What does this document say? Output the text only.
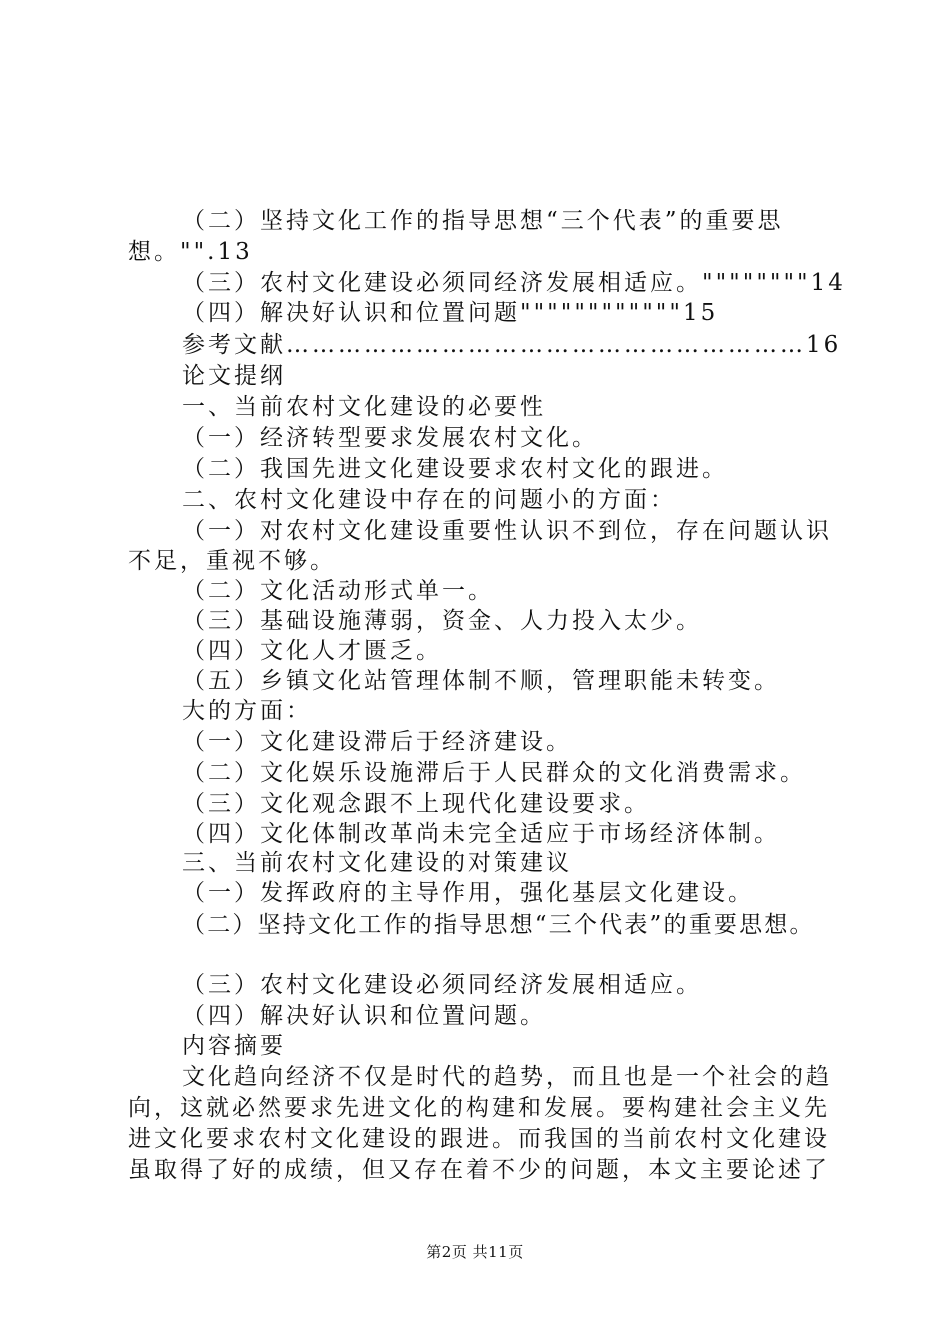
（二）坚持文化工作的指导思想“三个代表”的重要思
想。"".13
（三）农村文化建设必须同经济发展相适应。""""""""14
（四）解决好认识和位置问题""""""""""""15
参考文献……………………………………………………16
论文提纲
一、当前农村文化建设的必要性
（一）经济转型要求发展农村文化。
（二）我国先进文化建设要求农村文化的跟进。
二、农村文化建设中存在的问题小的方面：
（一）对农村文化建设重要性认识不到位，存在问题认识
不足，重视不够。
（二）文化活动形式单一。
（三）基础设施薄弱，资金、人力投入太少。
（四）文化人才匮乏。
（五）乡镇文化站管理体制不顺，管理职能未转变。
大的方面：
（一）文化建设滞后于经济建设。
（二）文化娱乐设施滞后于人民群众的文化消费需求。
（三）文化观念跟不上现代化建设要求。
（四）文化体制改革尚未完全适应于市场经济体制。
三、当前农村文化建设的对策建议
（一）发挥政府的主导作用，强化基层文化建设。
（二）坚持文化工作的指导思想“三个代表”的重要思想。
（三）农村文化建设必须同经济发展相适应。
（四）解决好认识和位置问题。
内容摘要
文化趋向经济不仅是时代的趋势，而且也是一个社会的趋
向，这就必然要求先进文化的构建和发展。要构建社会主义先
进文化要求农村文化建设的跟进。而我国的当前农村文化建设
虽取得了好的成绩，但又存在着不少的问题，本文主要论述了
第2页 共11页
